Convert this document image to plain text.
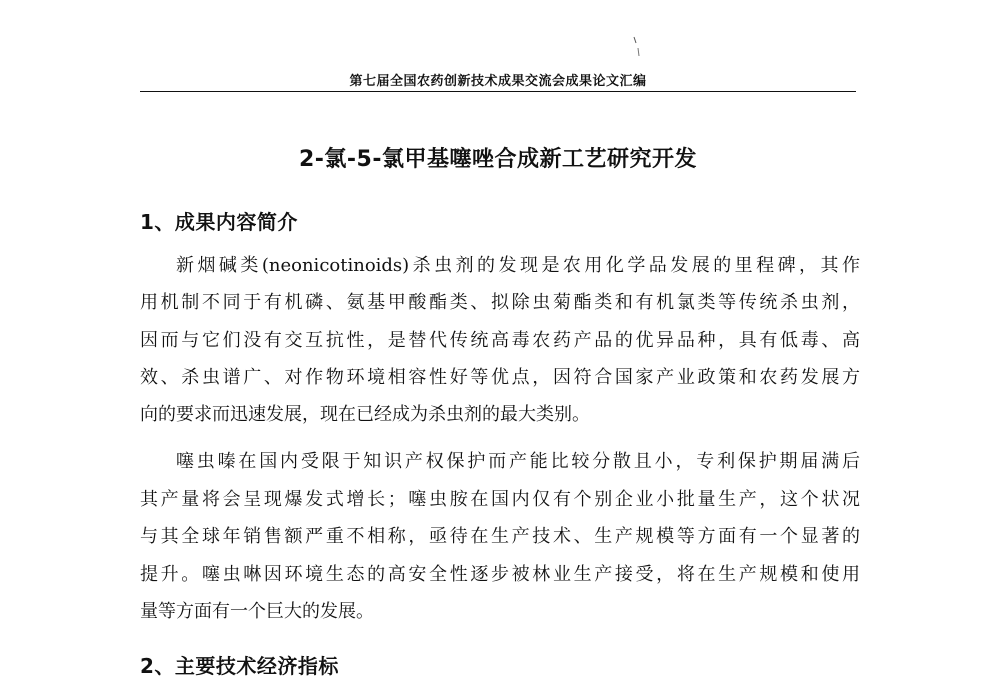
第七届全国农药创新技术成果交流会成果论文汇编
2-氯-5-氯甲基噻唑合成新工艺研究开发
1、成果内容简介
新烟碱类(neonicotinoids)杀虫剂的发现是农用化学品发展的里程碑，其作
用机制不同于有机磷、氨基甲酸酯类、拟除虫菊酯类和有机氯类等传统杀虫剂，
因而与它们没有交互抗性，是替代传统高毒农药产品的优异品种，具有低毒、高
效、杀虫谱广、对作物环境相容性好等优点，因符合国家产业政策和农药发展方
向的要求而迅速发展，现在已经成为杀虫剂的最大类别。
噻虫嗪在国内受限于知识产权保护而产能比较分散且小，专利保护期届满后
其产量将会呈现爆发式增长；噻虫胺在国内仅有个别企业小批量生产，这个状况
与其全球年销售额严重不相称，亟待在生产技术、生产规模等方面有一个显著的
提升。噻虫啉因环境生态的高安全性逐步被林业生产接受，将在生产规模和使用
量等方面有一个巨大的发展。
2、主要技术经济指标
